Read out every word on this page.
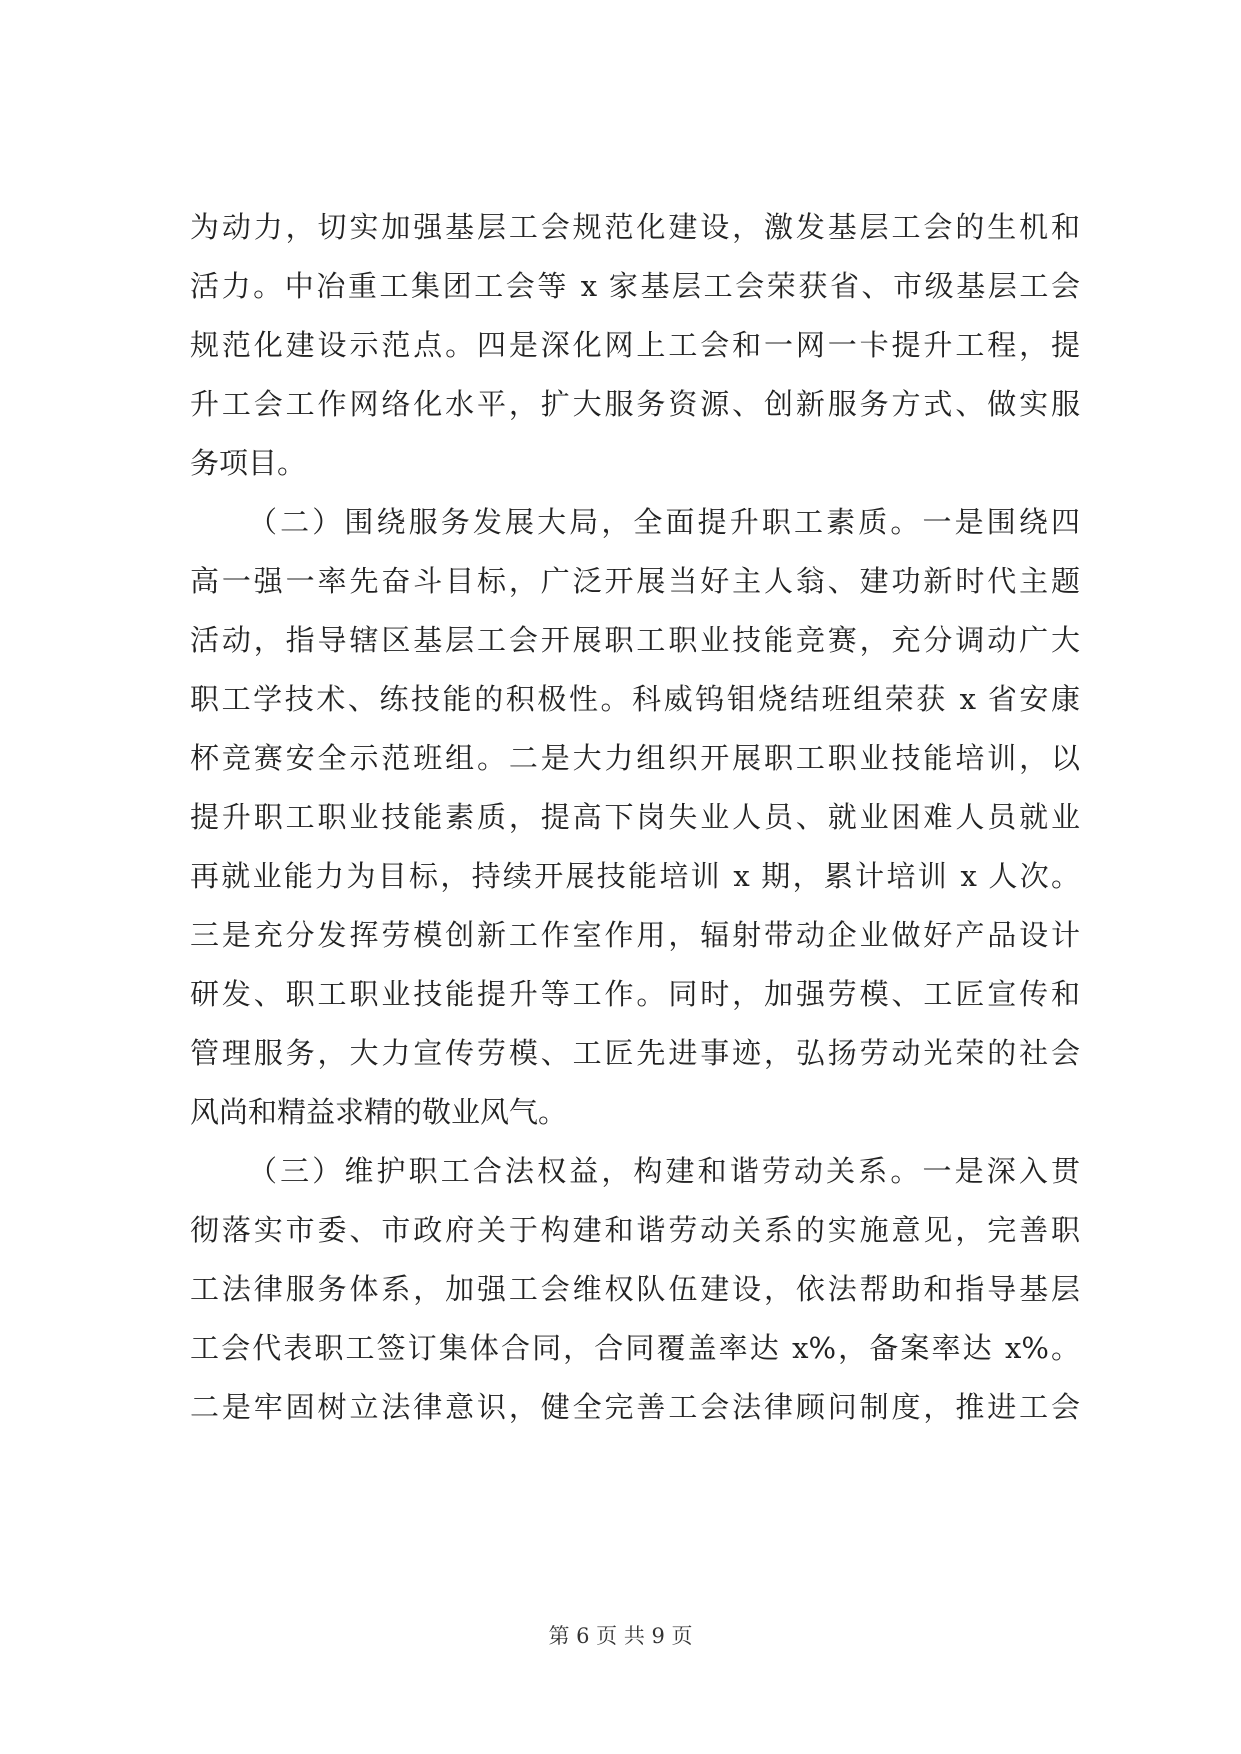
为动力，切实加强基层工会规范化建设，激发基层工会的生机和
活力。中冶重工集团工会等 x 家基层工会荣获省、市级基层工会
规范化建设示范点。四是深化网上工会和一网一卡提升工程，提
升工会工作网络化水平，扩大服务资源、创新服务方式、做实服
务项目。
（二）围绕服务发展大局，全面提升职工素质。一是围绕四
高一强一率先奋斗目标，广泛开展当好主人翁、建功新时代主题
活动，指导辖区基层工会开展职工职业技能竞赛，充分调动广大
职工学技术、练技能的积极性。科威钨钼烧结班组荣获 x 省安康
杯竞赛安全示范班组。二是大力组织开展职工职业技能培训，以
提升职工职业技能素质，提高下岗失业人员、就业困难人员就业
再就业能力为目标，持续开展技能培训 x 期，累计培训 x 人次。
三是充分发挥劳模创新工作室作用，辐射带动企业做好产品设计
研发、职工职业技能提升等工作。同时，加强劳模、工匠宣传和
管理服务，大力宣传劳模、工匠先进事迹，弘扬劳动光荣的社会
风尚和精益求精的敬业风气。
（三）维护职工合法权益，构建和谐劳动关系。一是深入贯
彻落实市委、市政府关于构建和谐劳动关系的实施意见，完善职
工法律服务体系，加强工会维权队伍建设，依法帮助和指导基层
工会代表职工签订集体合同，合同覆盖率达 x%，备案率达 x%。
二是牢固树立法律意识，健全完善工会法律顾问制度，推进工会
第 6 页 共 9 页
